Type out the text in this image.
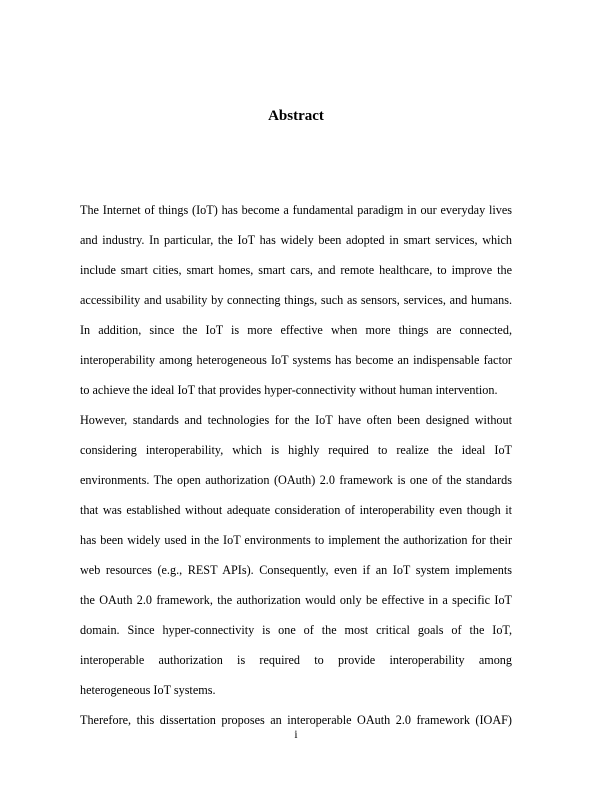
Abstract

The Internet of things (IoT) has become a fundamental paradigm in our everyday lives

and industry. In particular, the IoT has widely been adopted in smart services, which

include smart cities, smart homes, smart cars, and remote healthcare, to improve the

accessibility and usability by connecting things, such as sensors, services, and humans.

In addition, since the IoT is more effective when more things are connected,

interoperability among heterogeneous IoT systems has become an indispensable factor

to achieve the ideal IoT that provides hyper-connectivity without human intervention.

However, standards and technologies for the IoT have often been designed without

considering interoperability, which is highly required to realize the ideal IoT

environments. The open authorization (OAuth) 2.0 framework is one of the standards

that was established without adequate consideration of interoperability even though it

has been widely used in the IoT environments to implement the authorization for their

web resources (e.g., REST APIs). Consequently, even if an IoT system implements

the OAuth 2.0 framework, the authorization would only be effective in a specific IoT

domain. Since hyper-connectivity is one of the most critical goals of the IoT,

interoperable authorization is required to provide interoperability among

heterogeneous IoT systems.

Therefore, this dissertation proposes an interoperable OAuth 2.0 framework (IOAF)

i
